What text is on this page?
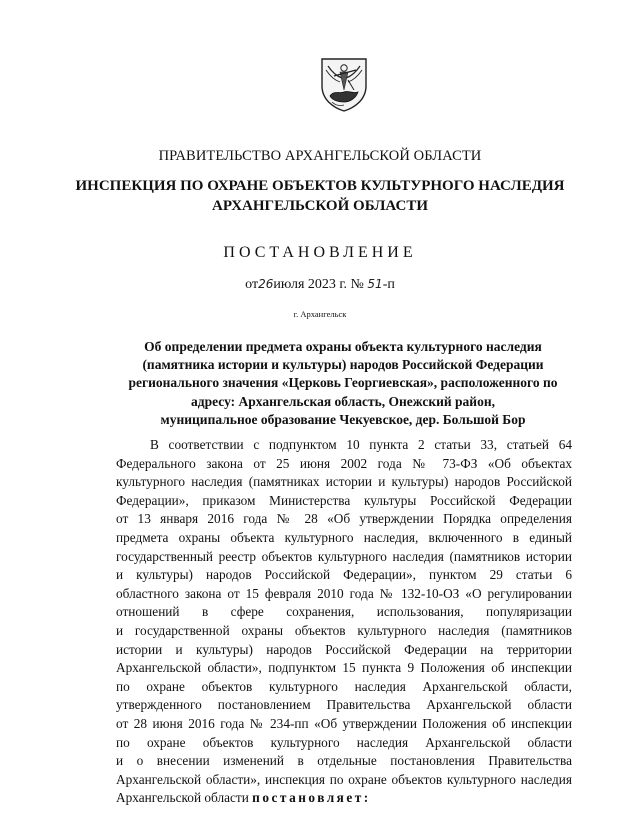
ПРАВИТЕЛЬСТВО АРХАНГЕЛЬСКОЙ ОБЛАСТИ
ИНСПЕКЦИЯ ПО ОХРАНЕ ОБЪЕКТОВ КУЛЬТУРНОГО НАСЛЕДИЯ
АРХАНГЕЛЬСКОЙ ОБЛАСТИ
ПОСТАНОВЛЕНИЕ
от26июля 2023 г. № 51-п
г. Архангельск
Об определении предмета охраны объекта культурного наследия
(памятника истории и культуры) народов Российской Федерации
регионального значения «Церковь Георгиевская», расположенного по
адресу: Архангельская область, Онежский район,
муниципальное образование Чекуевское, дер. Большой Бор
В соответствии с подпунктом 10 пункта 2 статьи 33, статьей 64
Федерального закона от 25 июня 2002 года № 73-ФЗ «Об объектах
культурного наследия (памятниках истории и культуры) народов Российской
Федерации», приказом Министерства культуры Российской Федерации
от 13 января 2016 года № 28 «Об утверждении Порядка определения
предмета охраны объекта культурного наследия, включенного в единый
государственный реестр объектов культурного наследия (памятников истории
и культуры) народов Российской Федерации», пунктом 29 статьи 6
областного закона от 15 февраля 2010 года № 132-10-ОЗ «О регулировании
отношений в сфере сохранения, использования, популяризации
и государственной охраны объектов культурного наследия (памятников
истории и культуры) народов Российской Федерации на территории
Архангельской области», подпунктом 15 пункта 9 Положения об инспекции
по охране объектов культурного наследия Архангельской области,
утвержденного постановлением Правительства Архангельской области
от 28 июня 2016 года № 234-пп «Об утверждении Положения об инспекции
по охране объектов культурного наследия Архангельской области
и о внесении изменений в отдельные постановления Правительства
Архангельской области», инспекция по охране объектов культурного наследия
Архангельской области постановляет:
